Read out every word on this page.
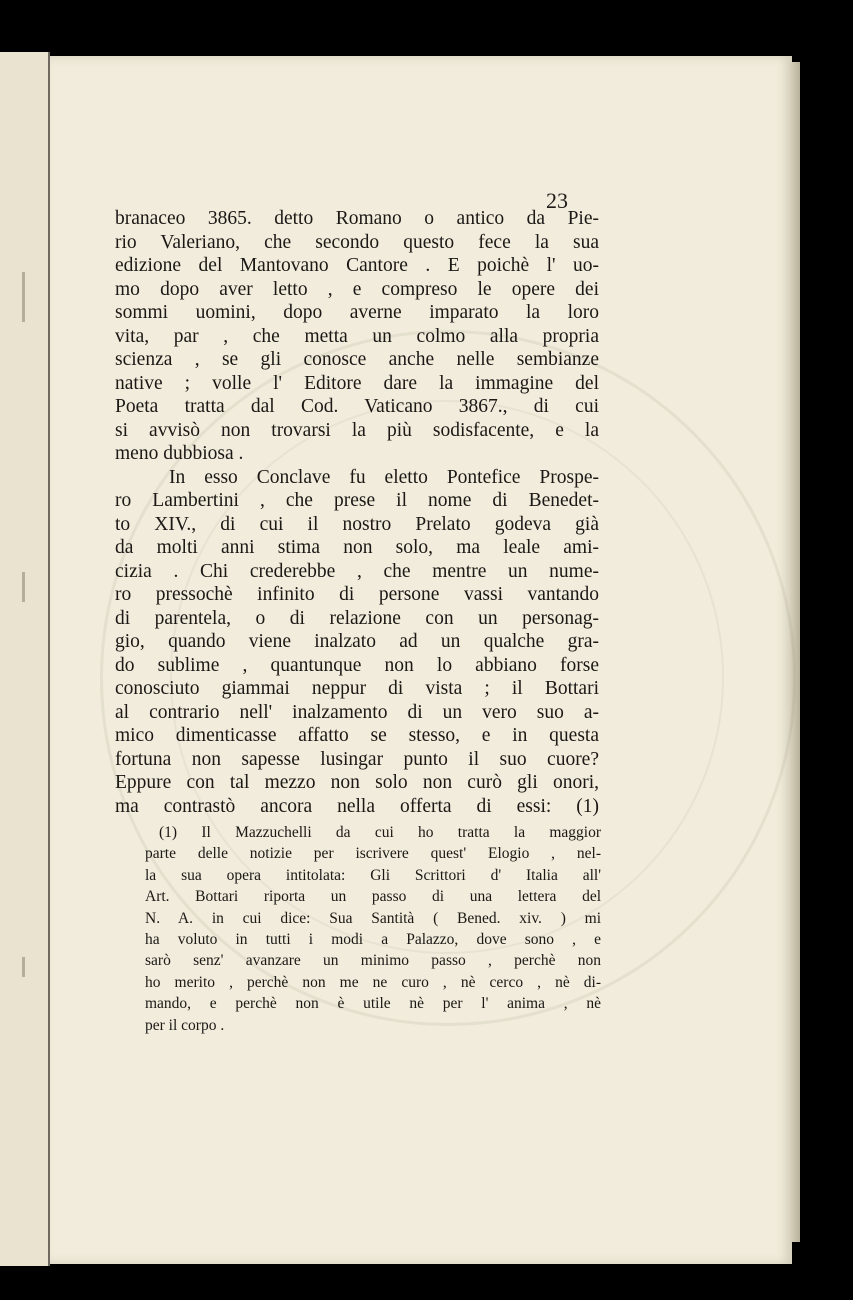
23
branaceo 3865. detto Romano o antico da Pie-
rio Valeriano, che secondo questo fece la sua
edizione del Mantovano Cantore . E poichè l' uo-
mo dopo aver letto , e compreso le opere dei
sommi uomini, dopo averne imparato la loro
vita, par , che metta un colmo alla propria
scienza , se gli conosce anche nelle sembianze
native ; volle l' Editore dare la immagine del
Poeta tratta dal Cod. Vaticano 3867., di cui
si avvisò non trovarsi la più sodisfacente, e la
meno dubbiosa .
In esso Conclave fu eletto Pontefice Prospe-
ro Lambertini , che prese il nome di Benedet-
to XIV., di cui il nostro Prelato godeva già
da molti anni stima non solo, ma leale ami-
cizia . Chi crederebbe , che mentre un nume-
ro pressochè infinito di persone vassi vantando
di parentela, o di relazione con un personag-
gio, quando viene inalzato ad un qualche gra-
do sublime , quantunque non lo abbiano forse
conosciuto giammai neppur di vista ; il Bottari
al contrario nell' inalzamento di un vero suo a-
mico dimenticasse affatto se stesso, e in questa
fortuna non sapesse lusingar punto il suo cuore?
Eppure con tal mezzo non solo non curò gli onori,
ma contrastò ancora nella offerta di essi: (1)
(1) Il Mazzuchelli da cui ho tratta la maggior
parte delle notizie per iscrivere quest' Elogio , nel-
la sua opera intitolata: Gli Scrittori d' Italia all'
Art. Bottari riporta un passo di una lettera del
N. A. in cui dice: Sua Santità ( Bened. xiv. ) mi
ha voluto in tutti i modi a Palazzo, dove sono , e
sarò senz' avanzare un minimo passo , perchè non
ho merito , perchè non me ne curo , nè cerco , nè di-
mando, e perchè non è utile nè per l' anima , nè
per il corpo .
